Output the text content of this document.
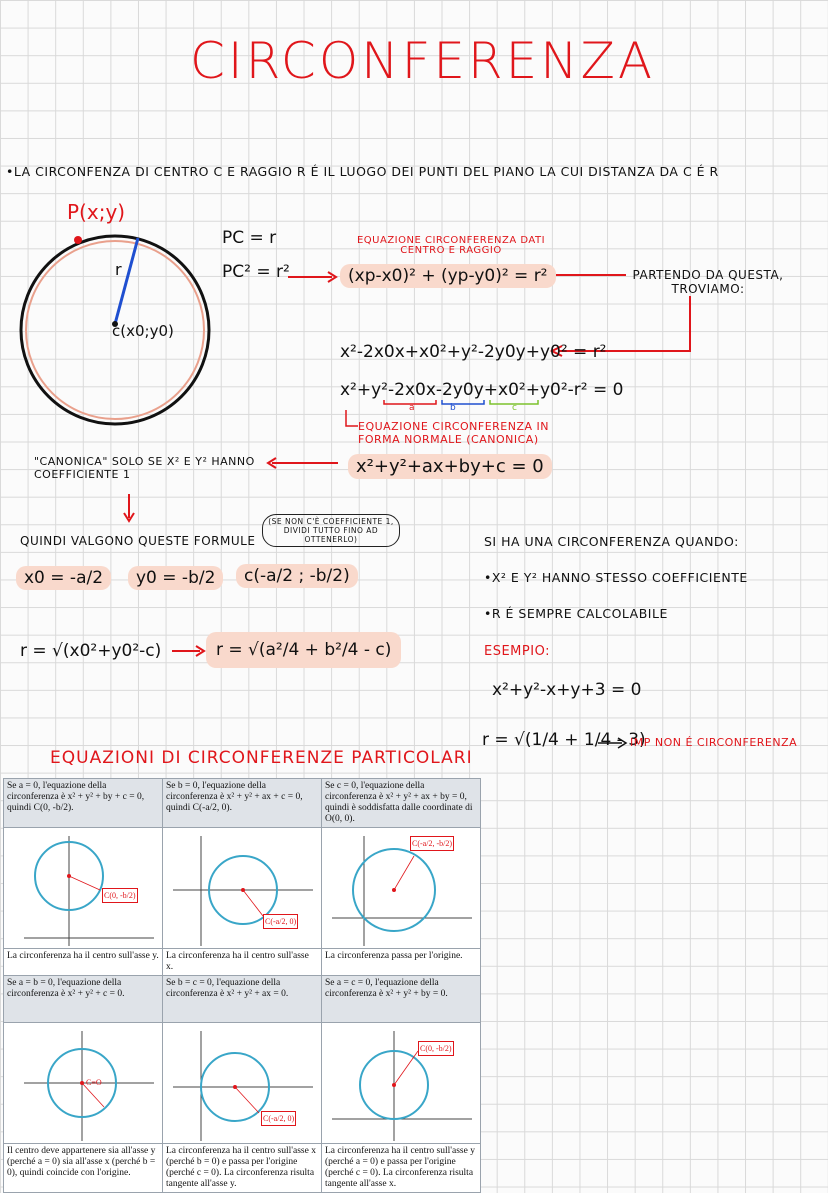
CIRCONFERENZA
•LA CIRCONFENZA DI CENTRO C E RAGGIO R É IL LUOGO DEI PUNTI DEL PIANO LA CUI DISTANZA DA C É R
P(x;y)
r
c(x0;y0)
PC = r
PC² = r²
EQUAZIONE CIRCONFERENZA DATI CENTRO E RAGGIO
(xp-x0)² + (yp-y0)² = r²	PARTENDO DA QUESTA, TROVIAMO:
x²-2x0x+x0²+y²-2y0y+y0² = r²
x²+y²-2x0x-2y0y+x0²+y0²-r² = 0
a	b	c
EQUAZIONE CIRCONFERENZA IN FORMA NORMALE (CANONICA)
x²+y²+ax+by+c = 0
"CANONICA" SOLO SE X² E Y² HANNO COEFFICIENTE 1
QUINDI VALGONO QUESTE FORMULE
(SE NON C'È COEFFICIENTE 1, DIVIDI TUTTO FINO AD OTTENERLO)
x0 = -a/2	y0 = -b/2	c(-a/2 ; -b/2)
r = √(x0²+y0²-c)	r = √(a²/4 + b²/4 - c)
SI HA UNA CIRCONFERENZA QUANDO:
•X² E Y² HANNO STESSO COEFFICIENTE
•R É SEMPRE CALCOLABILE
ESEMPIO:
x²+y²-x+y+3 = 0
r = √(1/4 + 1/4 - 3)
IMP NON É CIRCONFERENZA
EQUAZIONI DI CIRCONFERENZE PARTICOLARI
Se a = 0, l'equazione della circonferenza è x² + y² + by + c = 0, quindi C(0, -b/2).	Se b = 0, l'equazione della circonferenza è x² + y² + ax + c = 0, quindi C(-a/2, 0).	Se c = 0, l'equazione della circonferenza è x² + y² + ax + by = 0, quindi è soddisfatta dalle coordinate di O(0, 0).

C(0, -b/2)	C(-a/2, 0)	C(-a/2, -b/2)

La circonferenza ha il centro sull'asse y.	La circonferenza ha il centro sull'asse x.	La circonferenza passa per l'origine.
Se a = b = 0, l'equazione della circonferenza è x² + y² + c = 0.	Se b = c = 0, l'equazione della circonferenza è x² + y² + ax = 0.	Se a = c = 0, l'equazione della circonferenza è x² + y² + by = 0.

C≡O	C(-a/2, 0)	C(0, -b/2)

Il centro deve appartenere sia all'asse y (perché a = 0) sia all'asse x (perché b = 0), quindi coincide con l'origine.	La circonferenza ha il centro sull'asse x (perché b = 0) e passa per l'origine (perché c = 0). La circonferenza risulta tangente all'asse y.	La circonferenza ha il centro sull'asse y (perché a = 0) e passa per l'origine (perché c = 0). La circonferenza risulta tangente all'asse x.
